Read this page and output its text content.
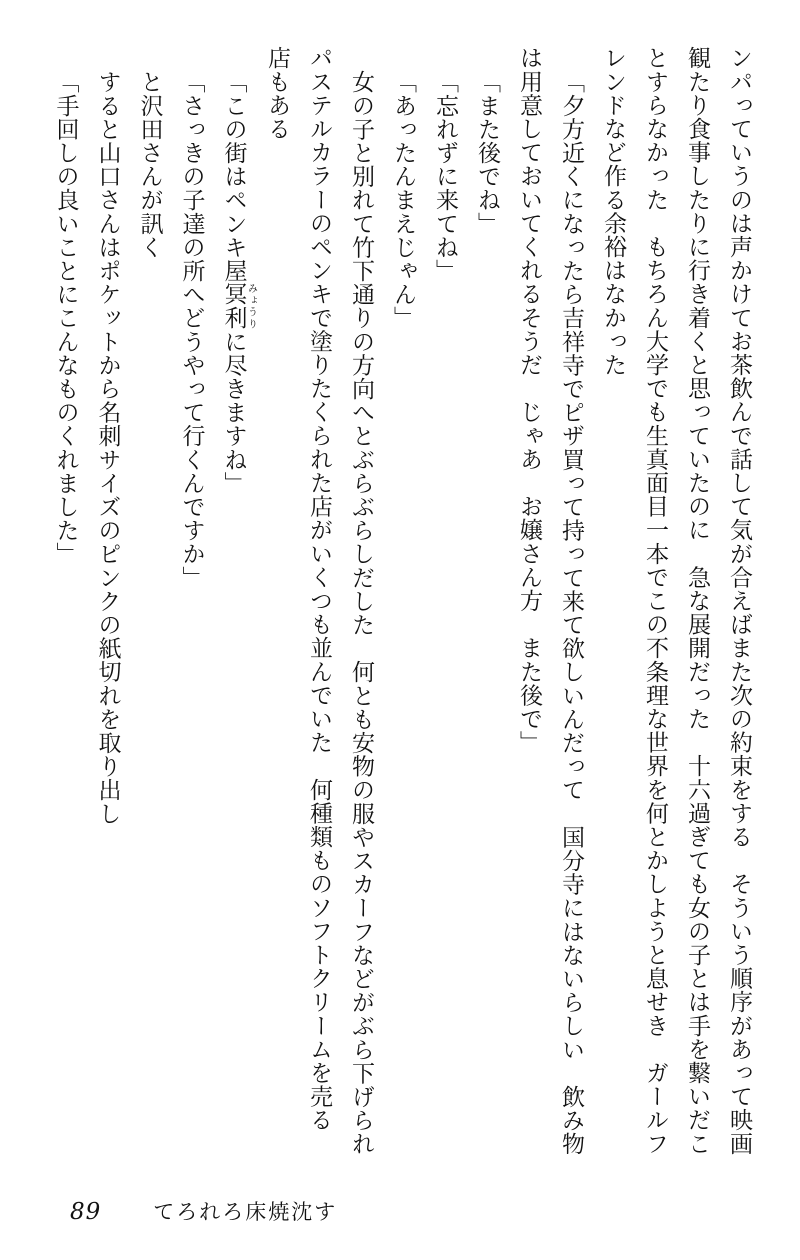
ンパっていうのは声かけてお茶飲んで話して気が合えばまた次の約束をする　そういう順序があって映画

観たり食事したりに行き着くと思っていたのに　急な展開だった　十六過ぎても女の子とは手を繋いだこ

とすらなかった　もちろん大学でも生真面目一本でこの不条理な世界を何とかしようと息せき　ガールフ

レンドなど作る余裕はなかった

「夕方近くになったら吉祥寺でピザ買って持って来て欲しいんだって　国分寺にはないらしい　飲み物

は用意しておいてくれるそうだ　じゃあ　お嬢さん方　また後で」

「また後でね」

「忘れずに来てね」

「あったんまえじゃん」

女の子と別れて竹下通りの方向へとぶらぶらしだした　何とも安物の服やスカーフなどがぶら下げられ

パステルカラーのペンキで塗りたくられた店がいくつも並んでいた　何種類ものソフトクリームを売る

店もある

「この街はペンキ屋冥利 みょうりに尽きますね」

「さっきの子達の所へどうやって行くんですか」

と沢田さんが訊く

すると山口さんはポケットから名刺サイズのピンクの紙切れを取り出し

「手回しの良いことにこんなものくれました」

89 てろれろ床焼沈す
